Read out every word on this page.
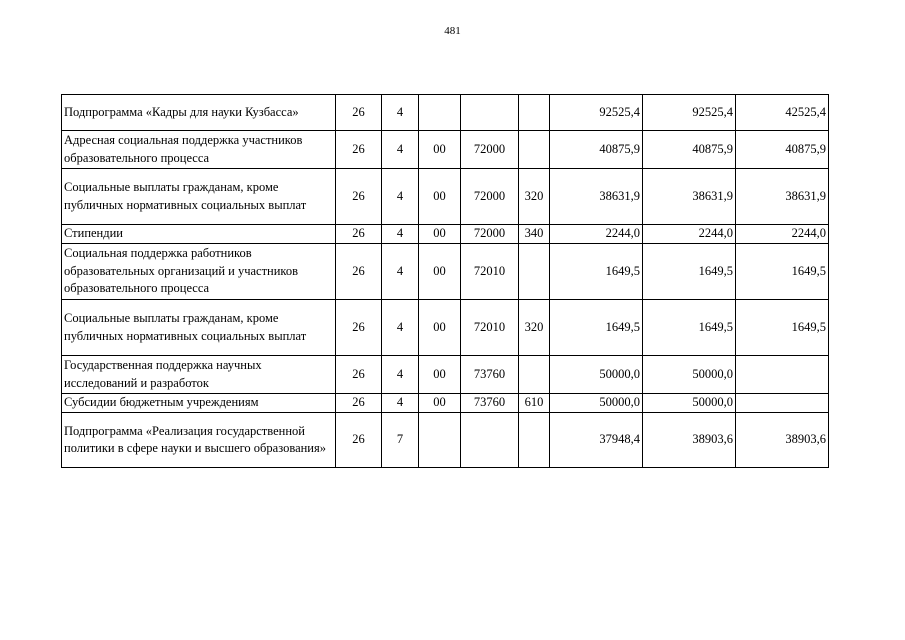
481
Подпрограмма «Кадры для науки Кузбасса»	26	4				92525,4	92525,4	42525,4
Адресная социальная поддержка участников образовательного процесса	26	4	00	72000		40875,9	40875,9	40875,9
Социальные выплаты гражданам, кроме публичных нормативных социальных выплат	26	4	00	72000	320	38631,9	38631,9	38631,9
Стипендии	26	4	00	72000	340	2244,0	2244,0	2244,0
Социальная поддержка работников образовательных организаций и участников образовательного процесса	26	4	00	72010		1649,5	1649,5	1649,5
Социальные выплаты гражданам, кроме публичных нормативных социальных выплат	26	4	00	72010	320	1649,5	1649,5	1649,5
Государственная поддержка научных исследований и разработок	26	4	00	73760		50000,0	50000,0	
Субсидии бюджетным учреждениям	26	4	00	73760	610	50000,0	50000,0	
Подпрограмма «Реализация государственной политики в сфере науки и высшего образования»	26	7				37948,4	38903,6	38903,6
